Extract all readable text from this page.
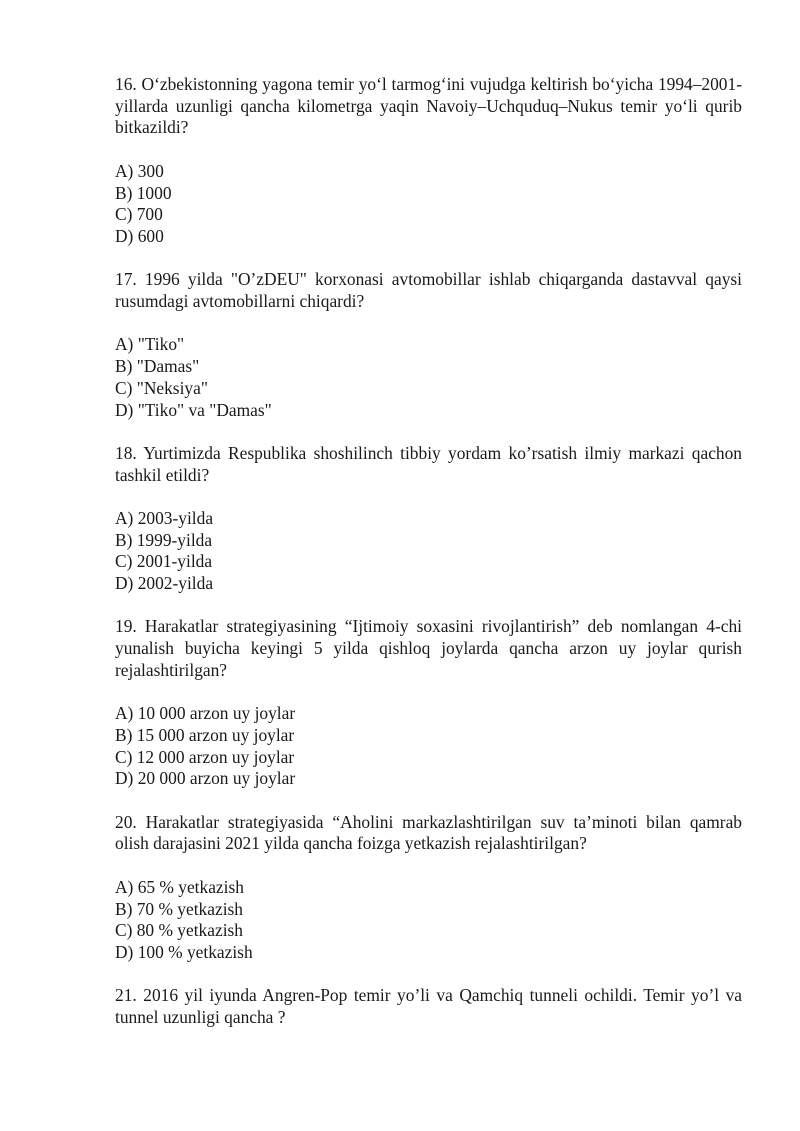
16. O‘zbekistonning yagona temir yo‘l tarmog‘ini vujudga keltirish bo‘yicha 1994–2001-yillarda uzunligi qancha kilometrga yaqin Navoiy–Uchquduq–Nukus temir yo‘li qurib bitkazildi?

A) 300
B) 1000
C) 700
D) 600

17. 1996 yilda "O’zDEU" korxonasi avtomobillar ishlab chiqarganda dastavval qaysi rusumdagi avtomobillarni chiqardi?

A) "Tiko"
B) "Damas"
C) "Neksiya"
D) "Tiko" va "Damas"

18. Yurtimizda Respublika shoshilinch tibbiy yordam ko’rsatish ilmiy markazi qachon tashkil etildi?

A) 2003-yilda
B) 1999-yilda
C) 2001-yilda
D) 2002-yilda

19. Harakatlar strategiyasining “Ijtimoiy soxasini rivojlantirish” deb nomlangan 4-chi yunalish buyicha keyingi 5 yilda qishloq joylarda qancha arzon uy joylar qurish rejalashtirilgan?

A) 10 000 arzon uy joylar
B) 15 000 arzon uy joylar
C) 12 000 arzon uy joylar
D) 20 000 arzon uy joylar

20. Harakatlar strategiyasida “Aholini markazlashtirilgan suv ta’minoti bilan qamrab olish darajasini 2021 yilda qancha foizga yetkazish rejalashtirilgan?

A) 65 % yetkazish
B) 70 % yetkazish
C) 80 % yetkazish
D) 100 % yetkazish

21. 2016 yil iyunda Angren-Pop temir yo’li va Qamchiq tunneli ochildi. Temir yo’l va tunnel uzunligi qancha ?
